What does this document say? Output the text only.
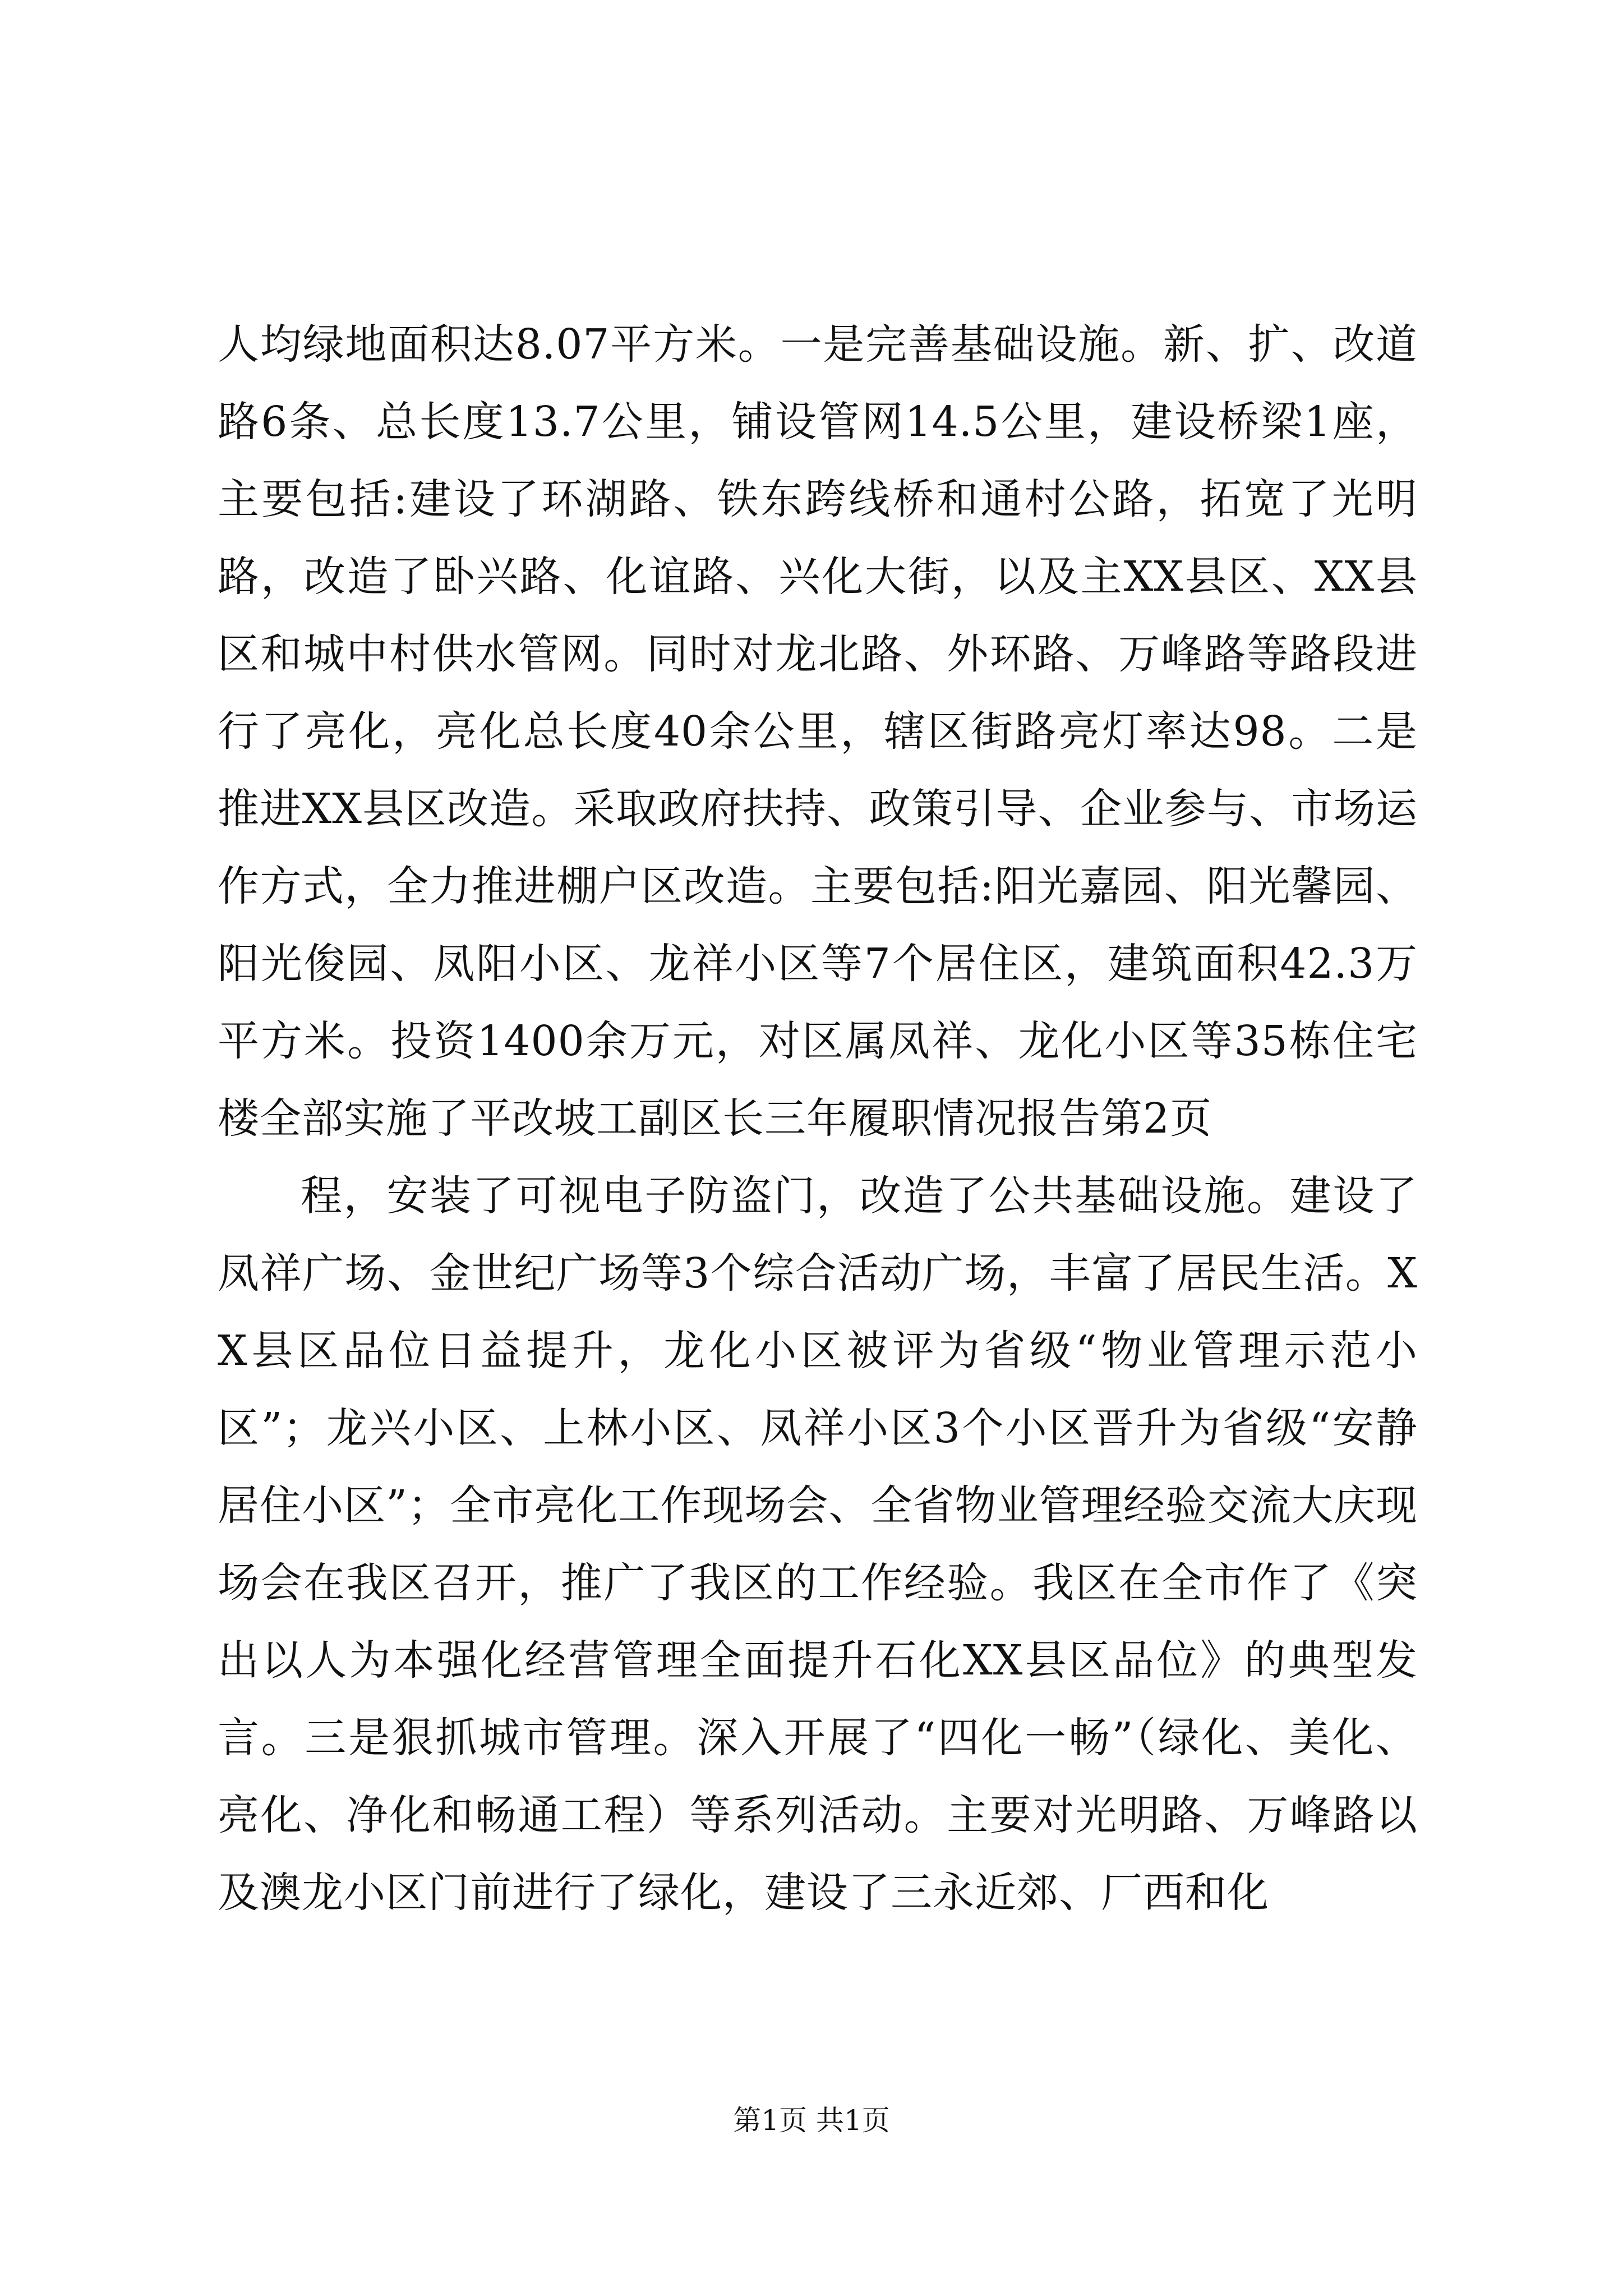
人均绿地面积达8.07平方米。一是完善基础设施。新、扩、改道路6条、总长度13.7公里，铺设管网14.5公里，建设桥梁1座，主要包括:建设了环湖路、铁东跨线桥和通村公路，拓宽了光明路，改造了卧兴路、化谊路、兴化大街，以及主XX县区、XX县区和城中村供水管网。同时对龙北路、外环路、万峰路等路段进行了亮化，亮化总长度40余公里，辖区街路亮灯率达98。二是推进XX县区改造。采取政府扶持、政策引导、企业参与、市场运作方式，全力推进棚户区改造。主要包括:阳光嘉园、阳光馨园、阳光俊园、凤阳小区、龙祥小区等7个居住区，建筑面积42.3万平方米。投资1400余万元，对区属凤祥、龙化小区等35栋住宅楼全部实施了平改坡工副区长三年履职情况报告第2页

程，安装了可视电子防盗门，改造了公共基础设施。建设了凤祥广场、金世纪广场等3个综合活动广场，丰富了居民生活。XX县区品位日益提升，龙化小区被评为省级“物业管理示范小区”；龙兴小区、上林小区、凤祥小区3个小区晋升为省级“安静居住小区”；全市亮化工作现场会、全省物业管理经验交流大庆现场会在我区召开，推广了我区的工作经验。我区在全市作了《突出以人为本强化经营管理全面提升石化XX县区品位》的典型发言。三是狠抓城市管理。深入开展了“四化一畅”（绿化、美化、亮化、净化和畅通工程）等系列活动。主要对光明路、万峰路以及澳龙小区门前进行了绿化，建设了三永近郊、厂西和化

第1页 共1页
